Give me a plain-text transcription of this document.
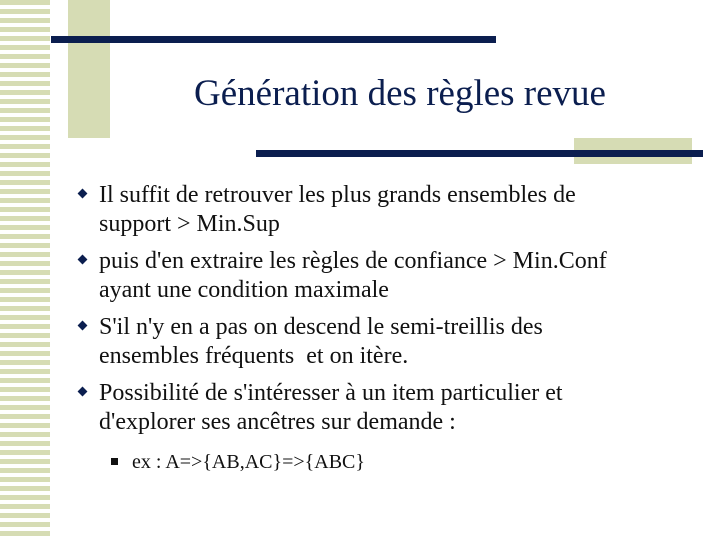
Génération des règles revue
Il suffit de retrouver les plus grands ensembles de
support > Min.Sup
puis d'en extraire les règles de confiance > Min.Conf
ayant une condition maximale
S'il n'y en a pas on descend le semi-treillis des
ensembles fréquents  et on itère.
Possibilité de s'intéresser à un item particulier et
d'explorer ses ancêtres sur demande :
ex : A=>{AB,AC}=>{ABC}
